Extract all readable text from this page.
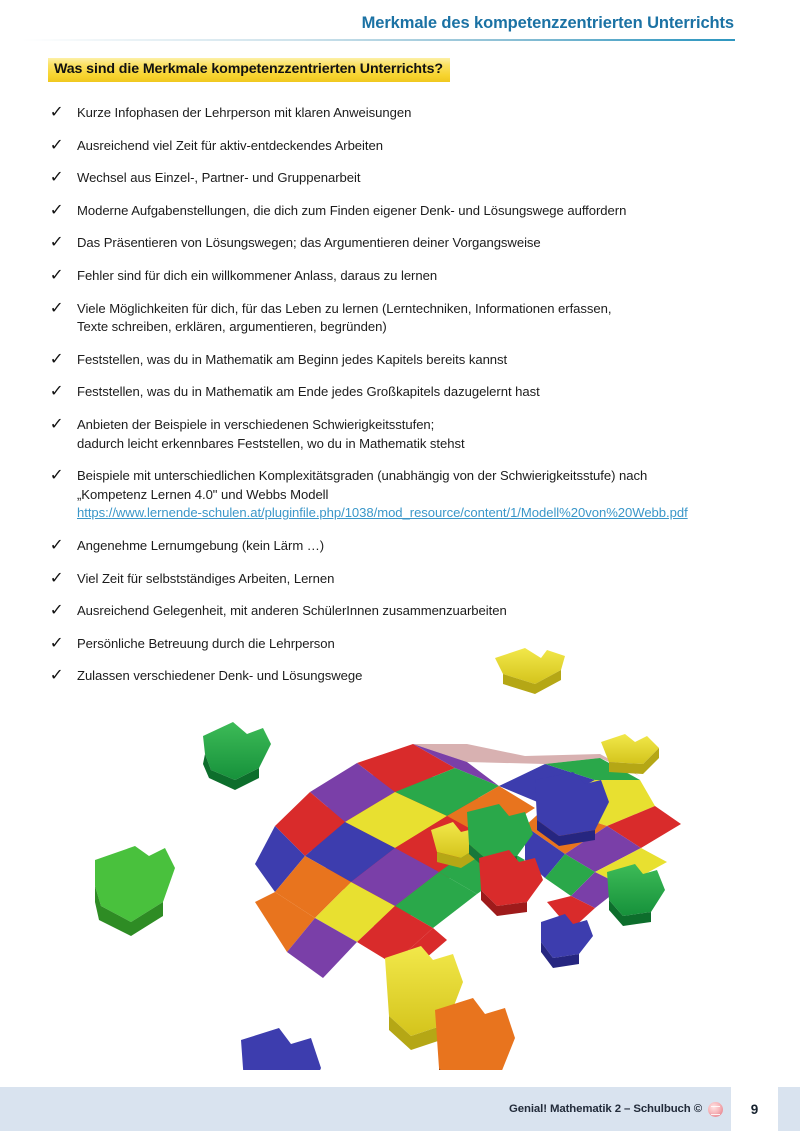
Merkmale des kompetenzzentrierten Unterrichts
Was sind die Merkmale kompetenzzentrierten Unterrichts?
✓ Kurze Infophasen der Lehrperson mit klaren Anweisungen
✓ Ausreichend viel Zeit für aktiv-entdeckendes Arbeiten
✓ Wechsel aus Einzel-, Partner- und Gruppenarbeit
✓ Moderne Aufgabenstellungen, die dich zum Finden eigener Denk- und Lösungswege auffordern
✓ Das Präsentieren von Lösungswegen; das Argumentieren deiner Vorgangsweise
✓ Fehler sind für dich ein willkommener Anlass, daraus zu lernen
✓ Viele Möglichkeiten für dich, für das Leben zu lernen (Lerntechniken, Informationen erfassen,
Texte schreiben, erklären, argumentieren, begründen)
✓ Feststellen, was du in Mathematik am Beginn jedes Kapitels bereits kannst
✓ Feststellen, was du in Mathematik am Ende jedes Großkapitels dazugelernt hast
✓ Anbieten der Beispiele in verschiedenen Schwierigkeitsstufen;
dadurch leicht erkennbares Feststellen, wo du in Mathematik stehst
✓ Beispiele mit unterschiedlichen Komplexitätsgraden (unabhängig von der Schwierigkeitsstufe) nach
„Kompetenz Lernen 4.0" und Webbs Modell
https://www.lernende-schulen.at/pluginfile.php/1038/mod_resource/content/1/Modell%20von%20Webb.pdf
✓ Angenehme Lernumgebung (kein Lärm …)
✓ Viel Zeit für selbstständiges Arbeiten, Lernen
✓ Ausreichend Gelegenheit, mit anderen SchülerInnen zusammenzuarbeiten
✓ Persönliche Betreuung durch die Lehrperson
✓ Zulassen verschiedener Denk- und Lösungswege
Genial! Mathematik 2 – Schulbuch ©	9
